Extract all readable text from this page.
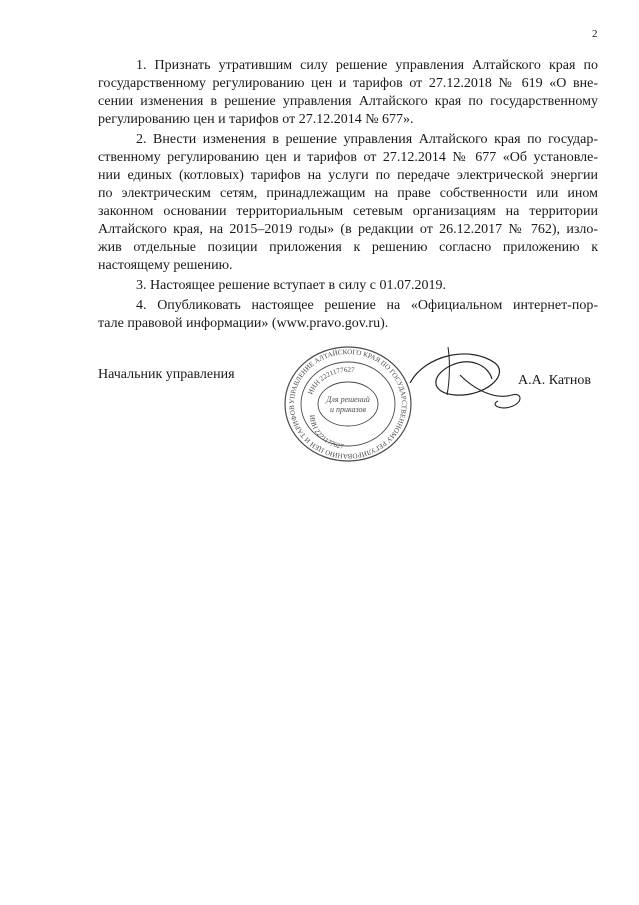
2
1. Признать утратившим силу решение управления Алтайского края по
государственному регулированию цен и тарифов от 27.12.2018 № 619 «О вне-
сении изменения в решение управления Алтайского края по государственному
регулированию цен и тарифов от 27.12.2014 № 677».
2. Внести изменения в решение управления Алтайского края по государ-
ственному регулированию цен и тарифов от 27.12.2014 № 677 «Об установле-
нии единых (котловых) тарифов на услуги по передаче электрической энергии
по электрическим сетям, принадлежащим на праве собственности или ином
законном основании территориальным сетевым организациям на территории
Алтайского края, на 2015–2019 годы» (в редакции от 26.12.2017 № 762), изло-
жив отдельные позиции приложения к решению согласно приложению к
настоящему решению.
3. Настоящее решение вступает в силу с 01.07.2019.
4. Опубликовать настоящее решение на «Официальном интернет-пор-
тале правовой информации» (www.pravo.gov.ru).
Начальник управления	А.А. Катнов
УПРАВЛЕНИЕ АЛТАЙСКОГО КРАЯ ПО ГОСУДАРСТВЕННОМУ РЕГУЛИРОВАНИЮ ЦЕН И ТАРИФОВ
ИНН 2221177627
ИНН 2221177627
Для решений
и приказов
